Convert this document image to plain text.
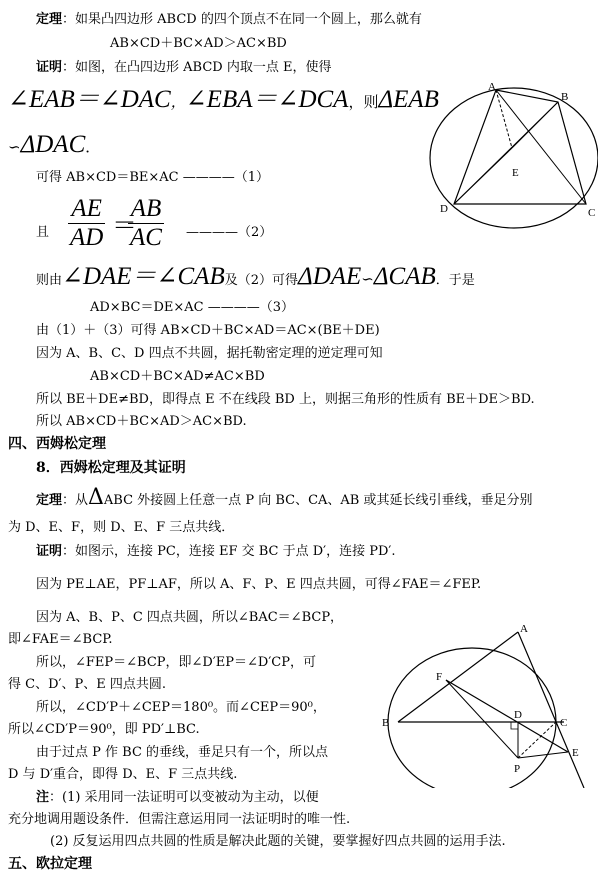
定理：如果凸四边形 ABCD 的四个顶点不在同一个圆上，那么就有
AB×CD＋BC×AD＞AC×BD
证明：如图，在凸四边形 ABCD 内取一点 E，使得
∠EAB＝∠DAC，∠EBA＝∠DCA，则ΔEAB
∽ΔDAC．
可得 AB×CD＝BE×AC ————（1）
且 $\frac{AE}{AD}$ ＝
$\frac{AB}{AC}$ ————（2）
则由∠DAE＝∠CAB及（2）可得ΔDAE∽ΔCAB．于是
AD×BC＝DE×AC ————（3）
由（1）＋（3）可得 AB×CD＋BC×AD＝AC×(BE＋DE)
因为 A、B、C、D 四点不共圆，据托勒密定理的逆定理可知
AB×CD＋BC×AD≠AC×BD
所以 BE＋DE≠BD，即得点 E 不在线段 BD 上，则据三角形的性质有 BE＋DE＞BD.
所以 AB×CD＋BC×AD＞AC×BD.
四、西姆松定理
8．西姆松定理及其证明
定理：从ΔABC 外接圆上任意一点 P 向 BC、CA、AB 或其延长线引垂线，垂足分别
为 D、E、F，则 D、E、F 三点共线．
证明：如图示，连接 PC，连接 EF 交 BC 于点 D′，连接 PD′.
因为 PE⊥AE，PF⊥AF，所以 A、F、P、E 四点共圆，可得∠FAE＝∠FEP.
因为 A、B、P、C 四点共圆，所以∠BAC＝∠BCP，
即∠FAE＝∠BCP.
所以，∠FEP＝∠BCP，即∠D′EP＝∠D′CP，可
得 C、D′、P、E 四点共圆.
所以，∠CD′P＋∠CEP＝180⁰。而∠CEP＝90⁰，
所以∠CD′P＝90⁰，即 PD′⊥BC.
由于过点 P 作 BC 的垂线，垂足只有一个，所以点
D 与 D′重合，即得 D、E、F 三点共线.
注：(1) 采用同一法证明可以变被动为主动，以便
充分地调用题设条件．但需注意运用同一法证明时的唯一性.
(2) 反复运用四点共圆的性质是解决此题的关键，要掌握好四点共圆的运用手法.
五、欧拉定理
A
B
C
D
E
A
B	C
D
E
F
P
